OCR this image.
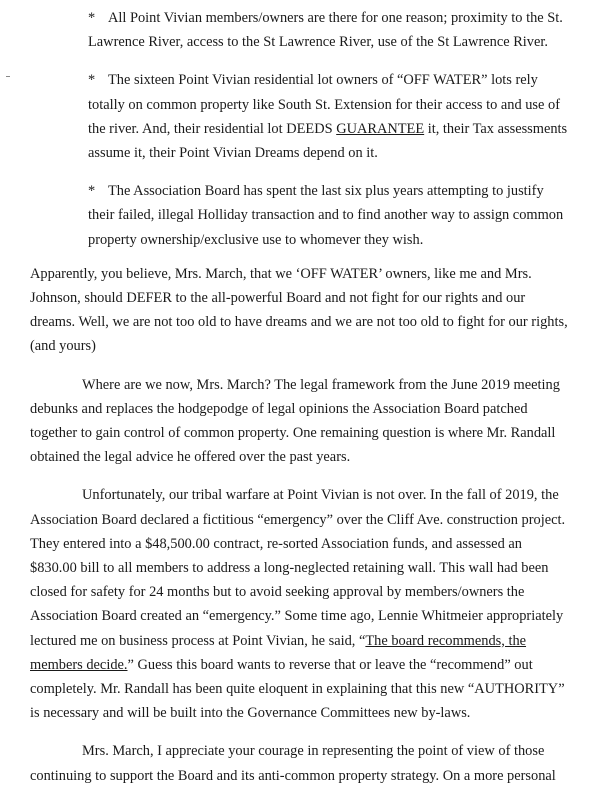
* All Point Vivian members/owners are there for one reason; proximity to the St. Lawrence River, access to the St Lawrence River, use of the St Lawrence River.

* The sixteen Point Vivian residential lot owners of “OFF WATER” lots rely totally on common property like South St. Extension for their access to and use of the river. And, their residential lot DEEDS GUARANTEE it, their Tax assessments assume it, their Point Vivian Dreams depend on it.

* The Association Board has spent the last six plus years attempting to justify their failed, illegal Holliday transaction and to find another way to assign common property ownership/exclusive use to whomever they wish.

Apparently, you believe, Mrs. March, that we ‘OFF WATER’ owners, like me and Mrs. Johnson, should DEFER to the all-powerful Board and not fight for our rights and our dreams. Well, we are not too old to have dreams and we are not too old to fight for our rights, (and yours)

Where are we now, Mrs. March? The legal framework from the June 2019 meeting debunks and replaces the hodgepodge of legal opinions the Association Board patched together to gain control of common property. One remaining question is where Mr. Randall obtained the legal advice he offered over the past years.

Unfortunately, our tribal warfare at Point Vivian is not over. In the fall of 2019, the Association Board declared a fictitious “emergency” over the Cliff Ave. construction project. They entered into a $48,500.00 contract, re-sorted Association funds, and assessed an $830.00 bill to all members to address a long-neglected retaining wall. This wall had been closed for safety for 24 months but to avoid seeking approval by members/owners the Association Board created an “emergency.” Some time ago, Lennie Whitmeier appropriately lectured me on business process at Point Vivian, he said, “The board recommends, the members decide.” Guess this board wants to reverse that or leave the “recommend” out completely. Mr. Randall has been quite eloquent in explaining that this new “AUTHORITY” is necessary and will be built into the Governance Committees new by-laws.

Mrs. March, I appreciate your courage in representing the point of view of those continuing to support the Board and its anti-common property strategy. On a more personal
